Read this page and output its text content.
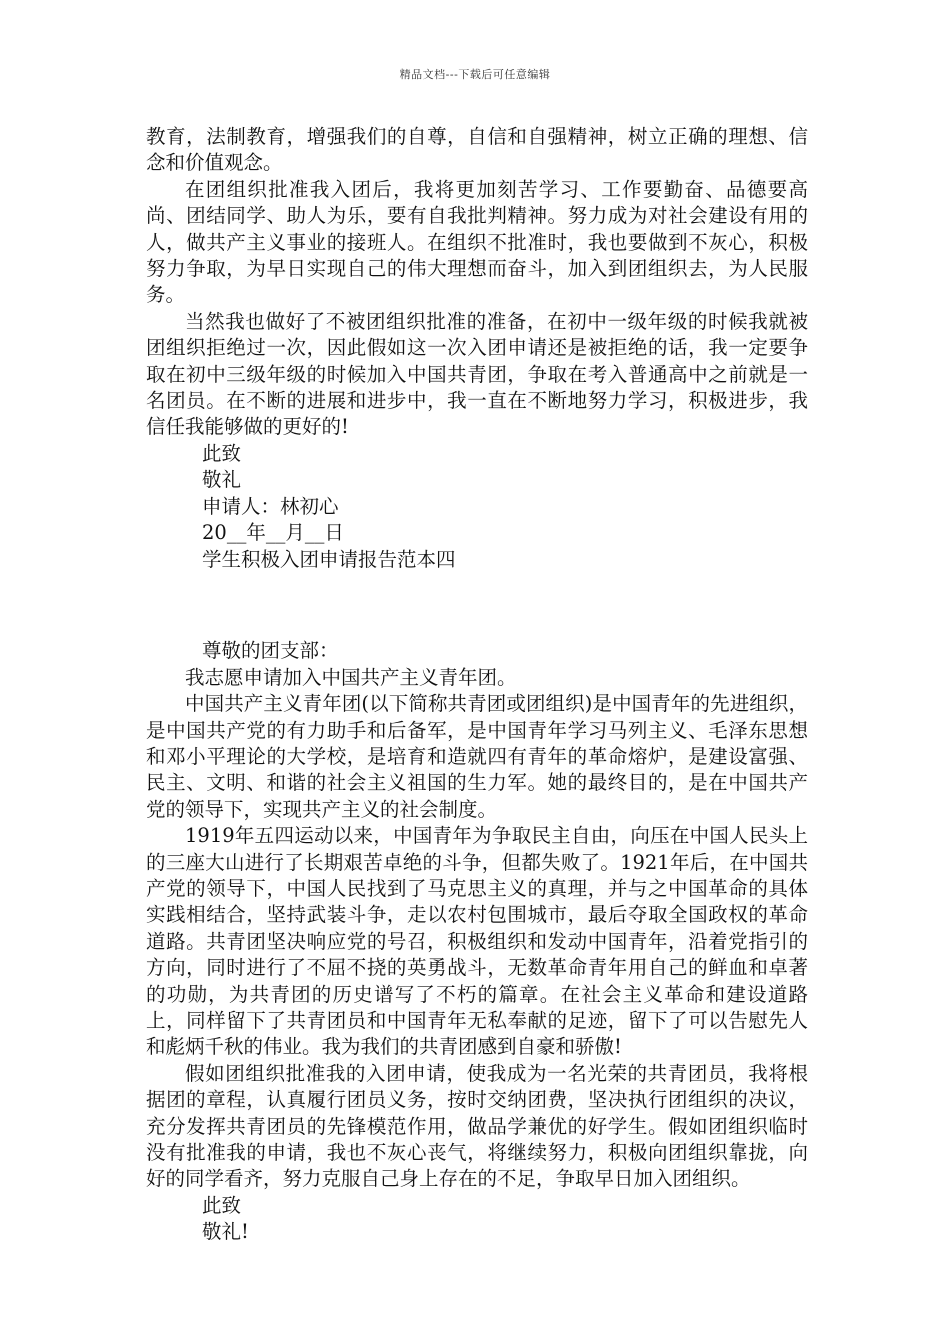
精品文档---下载后可任意编辑

教育，法制教育，增强我们的自尊，自信和自强精神，树立正确的理想、信念和价值观念。

在团组织批准我入团后，我将更加刻苦学习、工作要勤奋、品德要高尚、团结同学、助人为乐，要有自我批判精神。努力成为对社会建设有用的人，做共产主义事业的接班人。在组织不批准时，我也要做到不灰心，积极努力争取，为早日实现自己的伟大理想而奋斗，加入到团组织去，为人民服务。

当然我也做好了不被团组织批准的准备，在初中一级年级的时候我就被团组织拒绝过一次，因此假如这一次入团申请还是被拒绝的话，我一定要争取在初中三级年级的时候加入中国共青团，争取在考入普通高中之前就是一名团员。在不断的进展和进步中，我一直在不断地努力学习，积极进步，我信任我能够做的更好的!

此致

敬礼

申请人：林初心

20__年__月__日

学生积极入团申请报告范本四

尊敬的团支部：

我志愿申请加入中国共产主义青年团。

中国共产主义青年团(以下简称共青团或团组织)是中国青年的先进组织，是中国共产党的有力助手和后备军，是中国青年学习马列主义、毛泽东思想和邓小平理论的大学校，是培育和造就四有青年的革命熔炉，是建设富强、民主、文明、和谐的社会主义祖国的生力军。她的最终目的，是在中国共产党的领导下，实现共产主义的社会制度。

1919年五四运动以来，中国青年为争取民主自由，向压在中国人民头上的三座大山进行了长期艰苦卓绝的斗争，但都失败了。1921年后，在中国共产党的领导下，中国人民找到了马克思主义的真理，并与之中国革命的具体实践相结合，坚持武装斗争，走以农村包围城市，最后夺取全国政权的革命道路。共青团坚决响应党的号召，积极组织和发动中国青年，沿着党指引的方向，同时进行了不屈不挠的英勇战斗，无数革命青年用自己的鲜血和卓著的功勋，为共青团的历史谱写了不朽的篇章。在社会主义革命和建设道路上，同样留下了共青团员和中国青年无私奉献的足迹，留下了可以告慰先人和彪炳千秋的伟业。我为我们的共青团感到自豪和骄傲!

假如团组织批准我的入团申请，使我成为一名光荣的共青团员，我将根据团的章程，认真履行团员义务，按时交纳团费，坚决执行团组织的决议，充分发挥共青团员的先锋模范作用，做品学兼优的好学生。假如团组织临时没有批准我的申请，我也不灰心丧气，将继续努力，积极向团组织靠拢，向好的同学看齐，努力克服自己身上存在的不足，争取早日加入团组织。

此致

敬礼!
